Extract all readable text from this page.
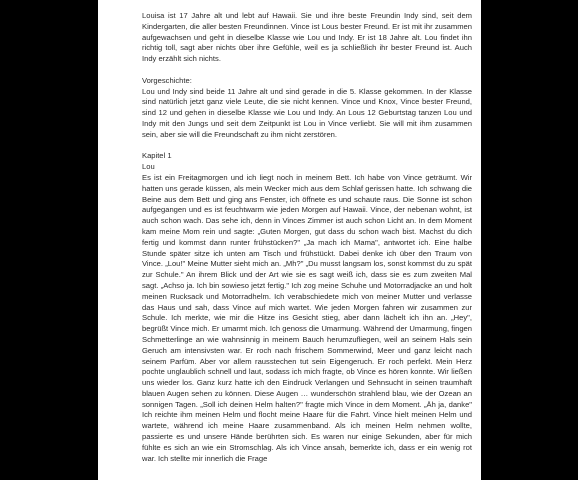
Louisa ist 17 Jahre alt und lebt auf Hawaii. Sie und ihre beste Freundin Indy sind, seit dem Kindergarten, die aller besten Freundinnen. Vince ist Lous bester Freund. Er ist mit ihr zusammen aufgewachsen und geht in dieselbe Klasse wie Lou und Indy. Er ist 18 Jahre alt. Lou findet ihn richtig toll, sagt aber nichts über ihre Gefühle, weil es ja schließlich ihr bester Freund ist. Auch Indy erzählt sich nichts.

Vorgeschichte:

Lou und Indy sind beide 11 Jahre alt und sind gerade in die 5. Klasse gekommen. In der Klasse sind natürlich jetzt ganz viele Leute, die sie nicht kennen. Vince und Knox, Vince bester Freund, sind 12 und gehen in dieselbe Klasse wie Lou und Indy. An Lous 12 Geburtstag tanzen Lou und Indy mit den Jungs und seit dem Zeitpunkt ist Lou in Vince verliebt. Sie will mit ihm zusammen sein, aber sie will die Freundschaft zu ihm nicht zerstören.

Kapitel 1

Lou

Es ist ein Freitagmorgen und ich liegt noch in meinem Bett. Ich habe von Vince geträumt. Wir hatten uns gerade küssen, als mein Wecker mich aus dem Schlaf gerissen hatte. Ich schwang die Beine aus dem Bett und ging ans Fenster, ich öffnete es und schaute raus. Die Sonne ist schon aufgegangen und es ist feuchtwarm wie jeden Morgen auf Hawaii. Vince, der nebenan wohnt, ist auch schon wach. Das sehe ich, denn in Vinces Zimmer ist auch schon Licht an. In dem Moment kam meine Mom rein und sagte: „Guten Morgen, gut dass du schon wach bist. Machst du dich fertig und kommst dann runter frühstücken?" „Ja mach ich Mama", antwortet ich. Eine halbe Stunde später sitze ich unten am Tisch und frühstückt. Dabei denke ich über den Traum von Vince. „Lou!" Meine Mutter sieht mich an. „Mh?" „Du musst langsam los, sonst kommst du zu spät zur Schule." An ihrem Blick und der Art wie sie es sagt weiß ich, dass sie es zum zweiten Mal sagt. „Achso ja. Ich bin sowieso jetzt fertig." Ich zog meine Schuhe und Motorradjacke an und holt meinen Rucksack und Motorradhelm. Ich verabschiedete mich von meiner Mutter und verlasse das Haus und sah, dass Vince auf mich wartet. Wie jeden Morgen fahren wir zusammen zur Schule. Ich merkte, wie mir die Hitze ins Gesicht stieg, aber dann lächelt ich ihn an. „Hey", begrüßt Vince mich. Er umarmt mich. Ich genoss die Umarmung. Während der Umarmung, fingen Schmetterlinge an wie wahnsinnig in meinem Bauch herumzufliegen, weil an seinem Hals sein Geruch am intensivsten war. Er roch nach frischem Sommerwind, Meer und ganz leicht nach seinem Parfüm. Aber vor allem rausstechen tut sein Eigengeruch. Er roch perfekt. Mein Herz pochte unglaublich schnell und laut, sodass ich mich fragte, ob Vince es hören konnte. Wir ließen uns wieder los. Ganz kurz hatte ich den Eindruck Verlangen und Sehnsucht in seinen traumhaft blauen Augen sehen zu können. Diese Augen … wunderschön strahlend blau, wie der Ozean an sonnigen Tagen. „Soll ich deinen Helm halten?" fragte mich Vince in dem Moment. „Äh ja, danke" Ich reichte ihm meinen Helm und flocht meine Haare für die Fahrt. Vince hielt meinen Helm und wartete, während ich meine Haare zusammenband. Als ich meinen Helm nehmen wollte, passierte es und unsere Hände berührten sich. Es waren nur einige Sekunden, aber für mich fühlte es sich an wie ein Stromschlag. Als ich Vince ansah, bemerkte ich, dass er ein wenig rot war. Ich stellte mir innerlich die Frage
